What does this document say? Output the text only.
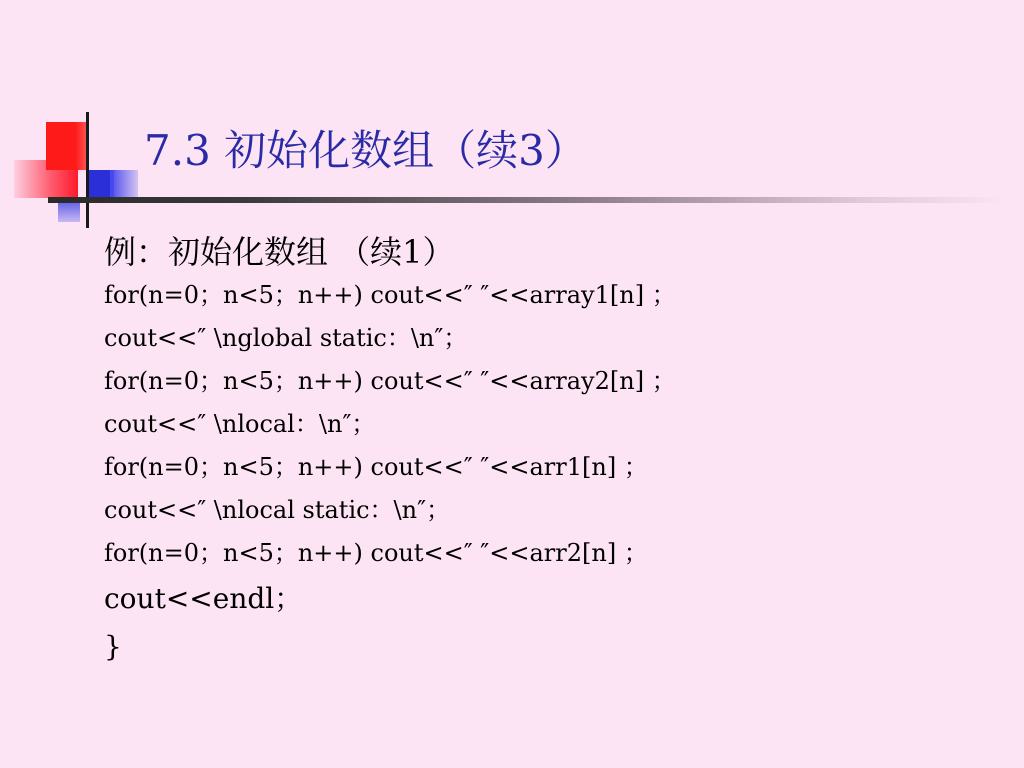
7.3 初始化数组（续3）

例：初始化数组 （续1）

for(n=0；n<5；n++) cout<<″ ″<<array1[n] ；

cout<<″ \nglobal static：\n″；

for(n=0；n<5；n++) cout<<″ ″<<array2[n] ；

cout<<″ \nlocal：\n″；

for(n=0；n<5；n++) cout<<″ ″<<arr1[n] ；

cout<<″ \nlocal static：\n″；

for(n=0；n<5；n++) cout<<″ ″<<arr2[n] ；

cout<<endl；

}
